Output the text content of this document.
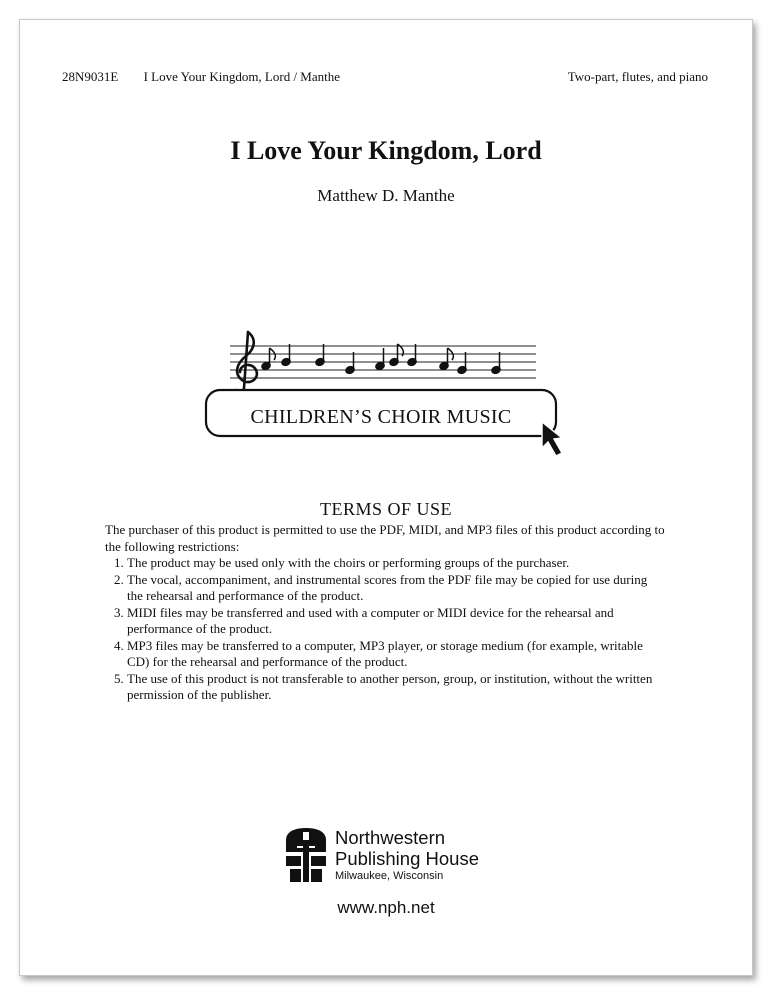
28N9031E I Love Your Kingdom, Lord / Manthe	Two-part, flutes, and piano
I Love Your Kingdom, Lord
Matthew D. Manthe
CHILDREN’S CHOIR MUSIC
TERMS OF USE

The purchaser of this product is permitted to use the PDF, MIDI, and MP3 files of this product according to the following restrictions:

1. The product may be used only with the choirs or performing groups of the purchaser.
2. The vocal, accompaniment, and instrumental scores from the PDF file may be copied for use during the rehearsal and performance of the product.
3. MIDI files may be transferred and used with a computer or MIDI device for the rehearsal and performance of the product.
4. MP3 files may be transferred to a computer, MP3 player, or storage medium (for example, writable CD) for the rehearsal and performance of the product.
5. The use of this product is not transferable to another person, group, or institution, without the written permission of the publisher.
Northwestern
Publishing House
Milwaukee, Wisconsin
www.nph.net
